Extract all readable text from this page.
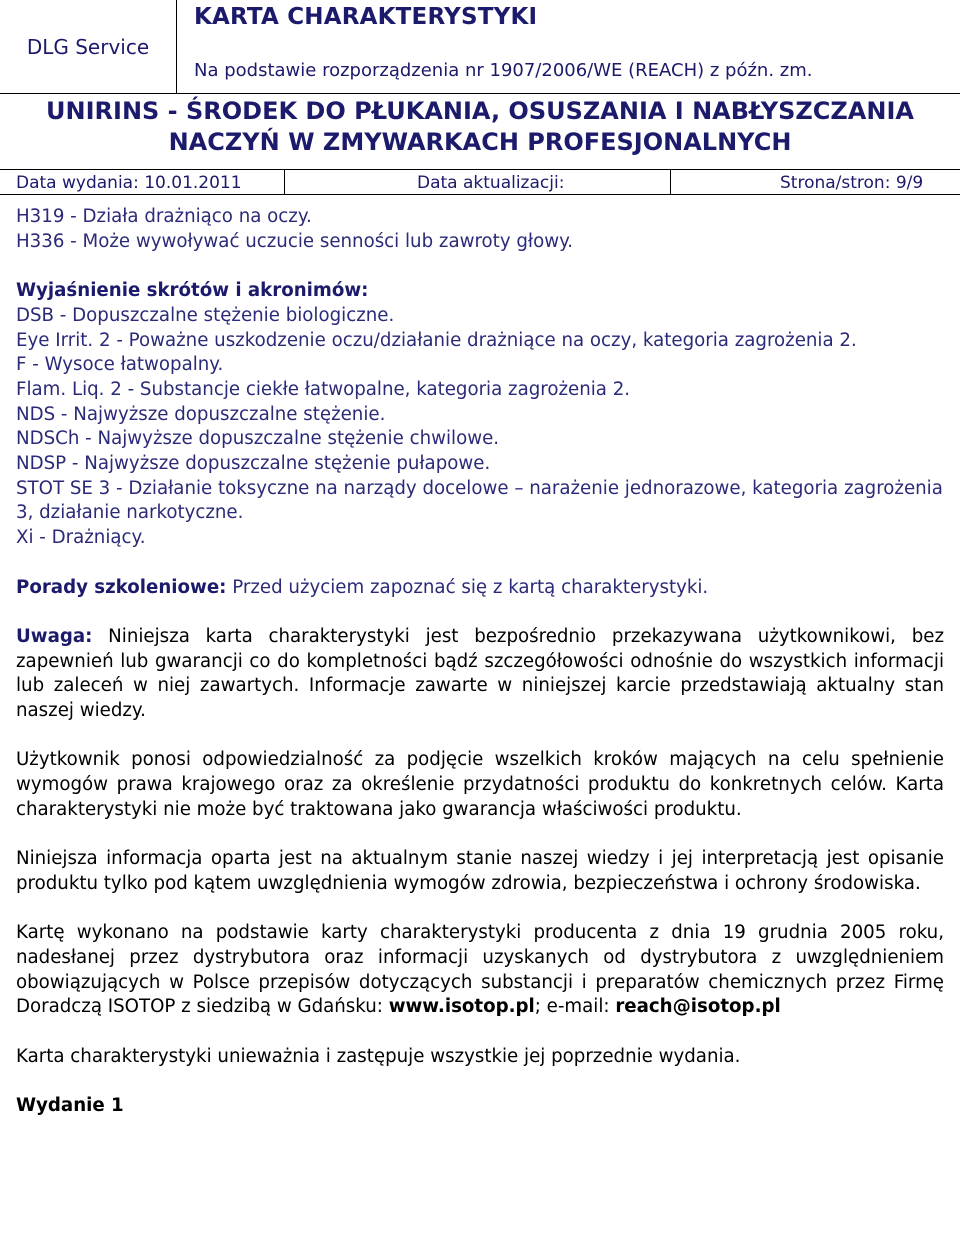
DLG Service
KARTA CHARAKTERYSTYKI
Na podstawie rozporządzenia nr 1907/2006/WE (REACH) z późn. zm.
UNIRINS - ŚRODEK DO PŁUKANIA, OSUSZANIA I NABŁYSZCZANIA
NACZYŃ W ZMYWARKACH PROFESJONALNYCH
Data wydania: 10.01.2011	Data aktualizacji:	Strona/stron: 9/9

H319 - Działa drażniąco na oczy.

H336 - Może wywoływać uczucie senności lub zawroty głowy.

Wyjaśnienie skrótów i akronimów:

DSB - Dopuszczalne stężenie biologiczne.

Eye Irrit. 2 - Poważne uszkodzenie oczu/działanie drażniące na oczy, kategoria zagrożenia 2.

F - Wysoce łatwopalny.

Flam. Liq. 2 - Substancje ciekłe łatwopalne, kategoria zagrożenia 2.

NDS - Najwyższe dopuszczalne stężenie.

NDSCh - Najwyższe dopuszczalne stężenie chwilowe.

NDSP - Najwyższe dopuszczalne stężenie pułapowe.

STOT SE 3 - Działanie toksyczne na narządy docelowe – narażenie jednorazowe, kategoria zagrożenia 3, działanie narkotyczne.

Xi - Drażniący.

Porady szkoleniowe: Przed użyciem zapoznać się z kartą charakterystyki.

Uwaga: Niniejsza karta charakterystyki jest bezpośrednio przekazywana użytkownikowi, bez zapewnień lub gwarancji co do kompletności bądź szczegółowości odnośnie do wszystkich informacji lub zaleceń w niej zawartych. Informacje zawarte w niniejszej karcie przedstawiają aktualny stan naszej wiedzy.

Użytkownik ponosi odpowiedzialność za podjęcie wszelkich kroków mających na celu spełnienie wymogów prawa krajowego oraz za określenie przydatności produktu do konkretnych celów. Karta charakterystyki nie może być traktowana jako gwarancja właściwości produktu.

Niniejsza informacja oparta jest na aktualnym stanie naszej wiedzy i jej interpretacją jest opisanie produktu tylko pod kątem uwzględnienia wymogów zdrowia, bezpieczeństwa i ochrony środowiska.

Kartę wykonano na podstawie karty charakterystyki producenta z dnia 19 grudnia 2005 roku, nadesłanej przez dystrybutora oraz informacji uzyskanych od dystrybutora z uwzględnieniem obowiązujących w Polsce przepisów dotyczących substancji i preparatów chemicznych przez Firmę Doradczą ISOTOP z siedzibą w Gdańsku: www.isotop.pl; e-mail: reach@isotop.pl

Karta charakterystyki unieważnia i zastępuje wszystkie jej poprzednie wydania.

Wydanie 1
